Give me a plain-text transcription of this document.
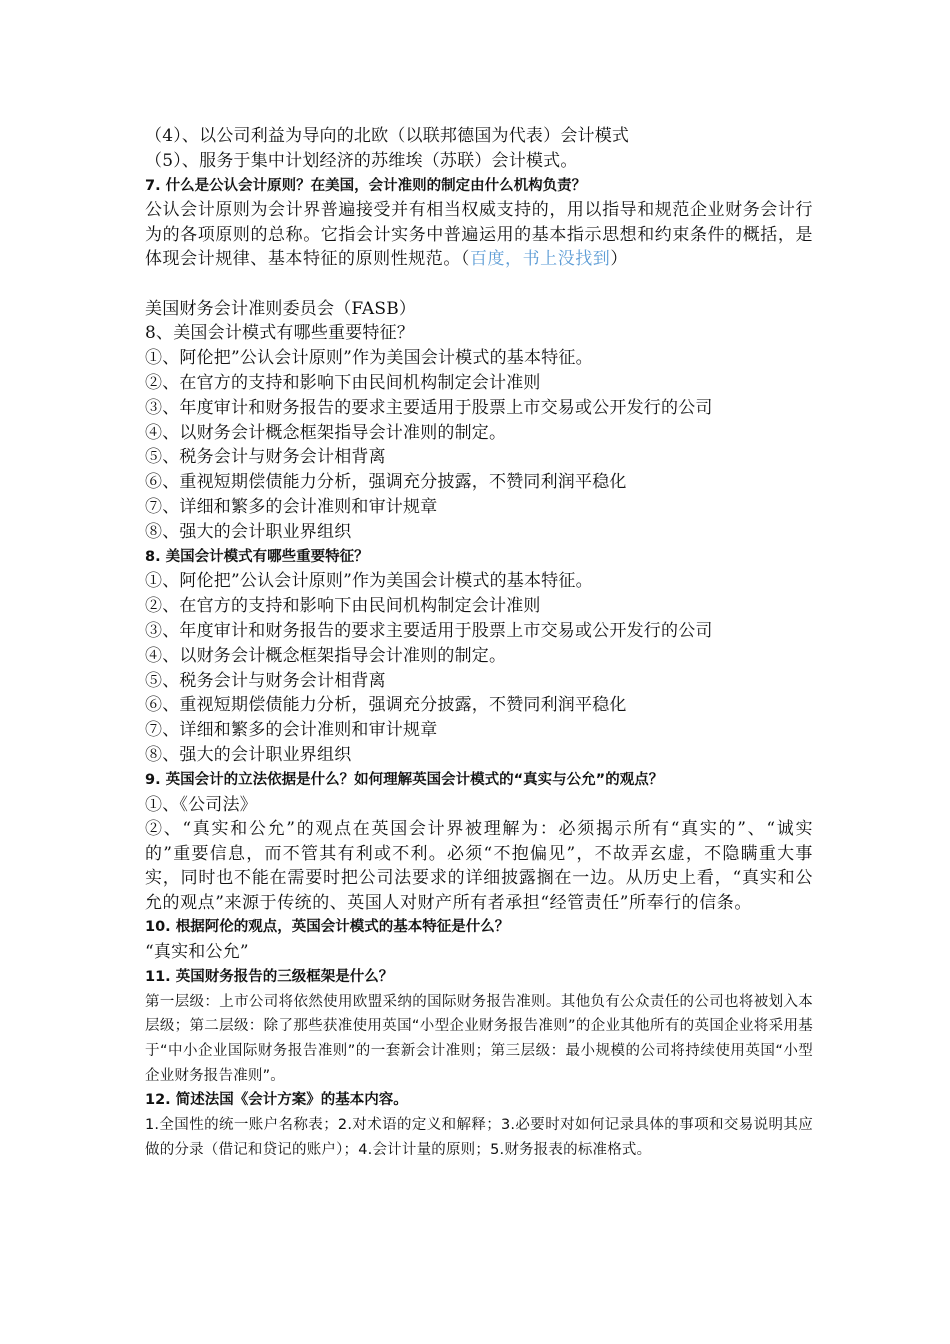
（4）、以公司利益为导向的北欧（以联邦德国为代表）会计模式
（5）、服务于集中计划经济的苏维埃（苏联）会计模式。
7. 什么是公认会计原则？在美国，会计准则的制定由什么机构负责？
公认会计原则为会计界普遍接受并有相当权威支持的，用以指导和规范企业财务会计行为的各项原则的总称。它指会计实务中普遍运用的基本指示思想和约束条件的概括，是体现会计规律、基本特征的原则性规范。（百度，书上没找到）
美国财务会计准则委员会（FASB）
8、美国会计模式有哪些重要特征？
①、阿伦把”公认会计原则”作为美国会计模式的基本特征。
②、在官方的支持和影响下由民间机构制定会计准则
③、年度审计和财务报告的要求主要适用于股票上市交易或公开发行的公司
④、以财务会计概念框架指导会计准则的制定。
⑤、税务会计与财务会计相背离
⑥、重视短期偿债能力分析，强调充分披露，不赞同利润平稳化
⑦、详细和繁多的会计准则和审计规章
⑧、强大的会计职业界组织
8. 美国会计模式有哪些重要特征？
①、阿伦把”公认会计原则”作为美国会计模式的基本特征。
②、在官方的支持和影响下由民间机构制定会计准则
③、年度审计和财务报告的要求主要适用于股票上市交易或公开发行的公司
④、以财务会计概念框架指导会计准则的制定。
⑤、税务会计与财务会计相背离
⑥、重视短期偿债能力分析，强调充分披露，不赞同利润平稳化
⑦、详细和繁多的会计准则和审计规章
⑧、强大的会计职业界组织
9. 英国会计的立法依据是什么？如何理解英国会计模式的“真实与公允”的观点？
①、《公司法》
②、“真实和公允”的观点在英国会计界被理解为：必须揭示所有“真实的”、“诚实的”重要信息，而不管其有利或不利。必须“不抱偏见”，不故弄玄虚，不隐瞒重大事实，同时也不能在需要时把公司法要求的详细披露搁在一边。从历史上看，“真实和公允的观点”来源于传统的、英国人对财产所有者承担“经管责任”所奉行的信条。
10. 根据阿伦的观点，英国会计模式的基本特征是什么？
“真实和公允”
11. 英国财务报告的三级框架是什么？
第一层级：上市公司将依然使用欧盟采纳的国际财务报告准则。其他负有公众责任的公司也将被划入本层级；第二层级：除了那些获准使用英国“小型企业财务报告准则”的企业其他所有的英国企业将采用基于“中小企业国际财务报告准则”的一套新会计准则；第三层级：最小规模的公司将持续使用英国“小型企业财务报告准则”。
12. 简述法国《会计方案》的基本内容。
1.全国性的统一账户名称表；2.对术语的定义和解释；3.必要时对如何记录具体的事项和交易说明其应做的分录（借记和贷记的账户）；4.会计计量的原则；5.财务报表的标准格式。
